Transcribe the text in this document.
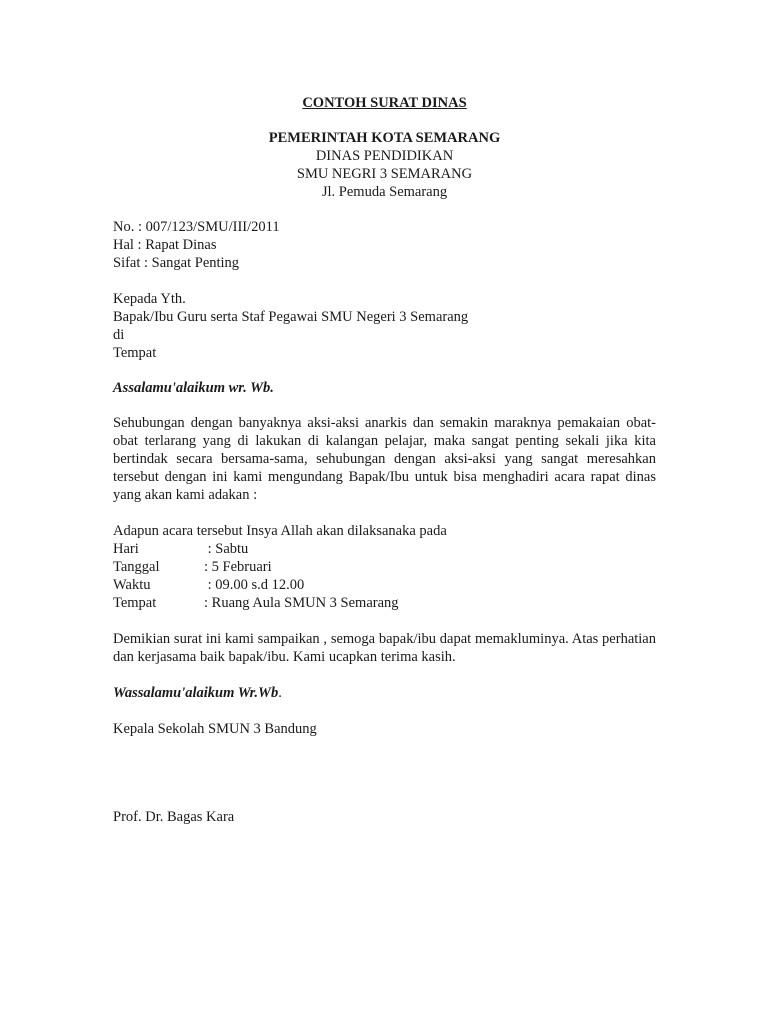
CONTOH SURAT DINAS
PEMERINTAH KOTA SEMARANG
DINAS PENDIDIKAN
SMU NEGRI 3 SEMARANG
Jl. Pemuda Semarang
No. : 007/123/SMU/III/2011
Hal : Rapat Dinas
Sifat : Sangat Penting
Kepada Yth.
Bapak/Ibu Guru serta Staf Pegawai SMU Negeri 3 Semarang
di
Tempat
Assalamu'alaikum wr. Wb.
Sehubungan dengan banyaknya aksi-aksi anarkis dan semakin maraknya pemakaian obat-obat terlarang yang di lakukan di kalangan pelajar, maka sangat penting sekali jika kita bertindak secara bersama-sama, sehubungan dengan aksi-aksi yang sangat meresahkan tersebut dengan ini kami mengundang Bapak/Ibu untuk bisa menghadiri acara rapat dinas yang akan kami adakan :
Adapun acara tersebut Insya Allah akan dilaksanaka pada
Hari	: Sabtu
Tanggal	: 5 Februari
Waktu	: 09.00 s.d 12.00
Tempat	: Ruang Aula SMUN 3 Semarang
Demikian surat ini kami sampaikan , semoga bapak/ibu dapat memakluminya. Atas perhatian dan kerjasama baik bapak/ibu. Kami ucapkan terima kasih.
Wassalamu'alaikum Wr.Wb.
Kepala Sekolah SMUN 3 Bandung
Prof. Dr. Bagas Kara
